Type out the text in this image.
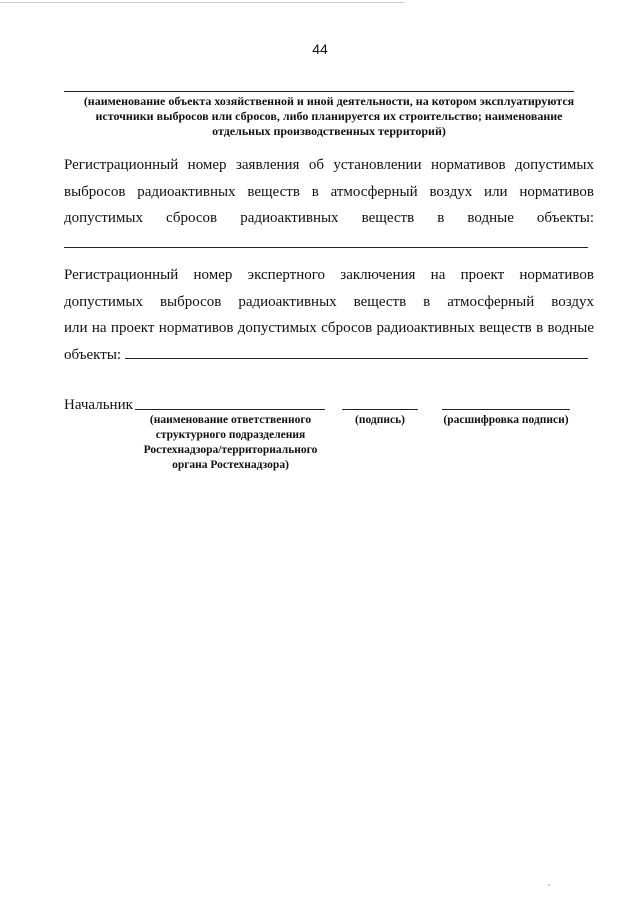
44
(наименование объекта хозяйственной и иной деятельности, на котором эксплуатируются
источники выбросов или сбросов, либо планируется их строительство; наименование
отдельных производственных территорий)
Регистрационный номер заявления об установлении нормативов допустимых
выбросов радиоактивных веществ в атмосферный воздух или нормативов
допустимых сбросов радиоактивных веществ в водные объекты:
Регистрационный номер экспертного заключения на проект нормативов
допустимых выбросов радиоактивных веществ в атмосферный воздух
или на проект нормативов допустимых сбросов радиоактивных веществ в водные
объекты:
Начальник
(наименование ответственного
структурного подразделения
Ростехнадзора/территориального
органа Ростехнадзора)
(подпись)	(расшифровка подписи)
